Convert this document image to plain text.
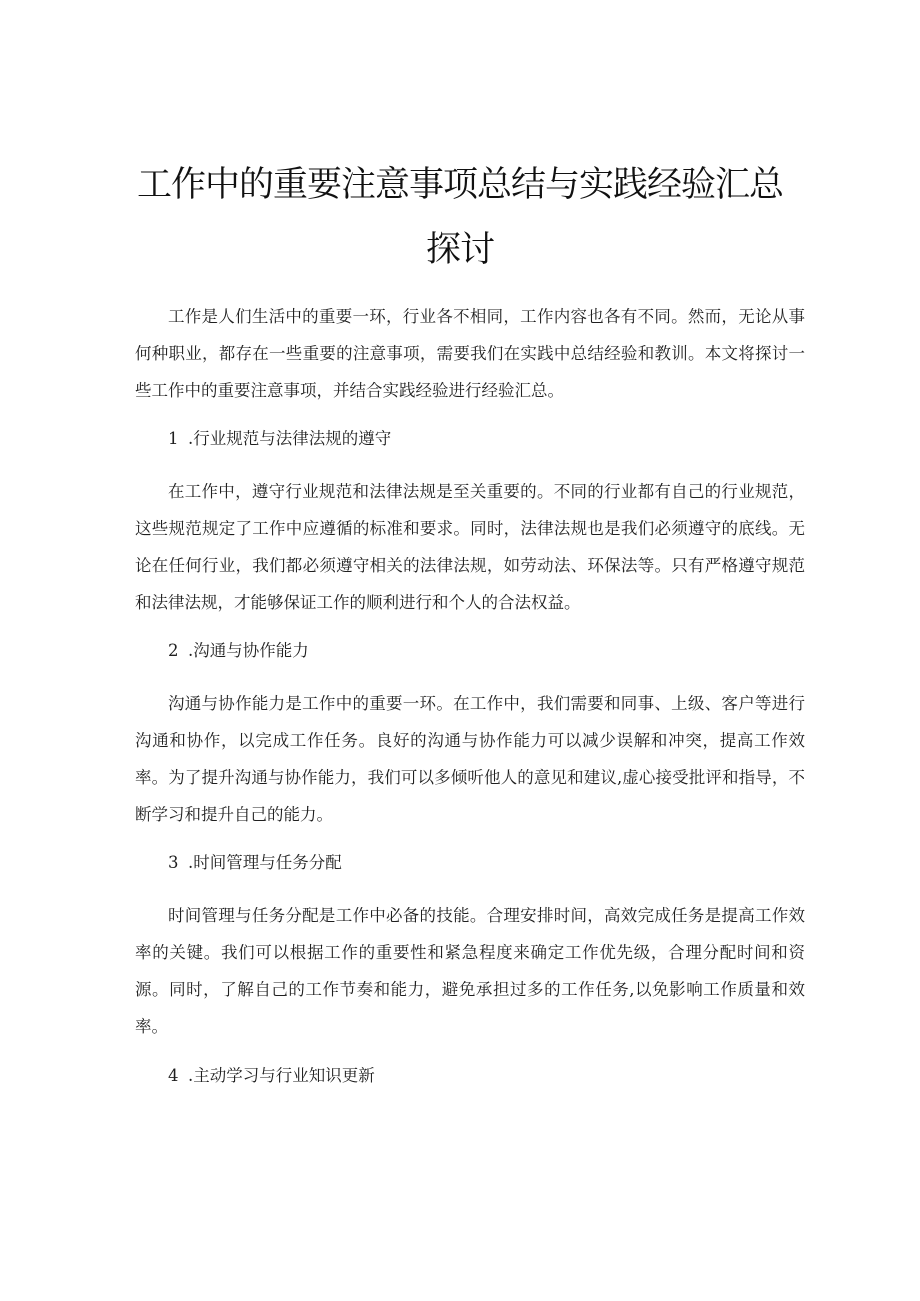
工作中的重要注意事项总结与实践经验汇总
探讨

工作是人们生活中的重要一环，行业各不相同，工作内容也各有不同。然而，无论从事何种职业，都存在一些重要的注意事项，需要我们在实践中总结经验和教训。本文将探讨一些工作中的重要注意事项，并结合实践经验进行经验汇总。

1 .行业规范与法律法规的遵守

在工作中，遵守行业规范和法律法规是至关重要的。不同的行业都有自己的行业规范，这些规范规定了工作中应遵循的标准和要求。同时，法律法规也是我们必须遵守的底线。无论在任何行业，我们都必须遵守相关的法律法规，如劳动法、环保法等。只有严格遵守规范和法律法规，才能够保证工作的顺利进行和个人的合法权益。

2 .沟通与协作能力

沟通与协作能力是工作中的重要一环。在工作中，我们需要和同事、上级、客户等进行沟通和协作，以完成工作任务。良好的沟通与协作能力可以减少误解和冲突，提高工作效率。为了提升沟通与协作能力，我们可以多倾听他人的意见和建议,虚心接受批评和指导，不断学习和提升自己的能力。

3 .时间管理与任务分配

时间管理与任务分配是工作中必备的技能。合理安排时间，高效完成任务是提高工作效率的关键。我们可以根据工作的重要性和紧急程度来确定工作优先级，合理分配时间和资源。同时，了解自己的工作节奏和能力，避免承担过多的工作任务,以免影响工作质量和效率。

4 .主动学习与行业知识更新
